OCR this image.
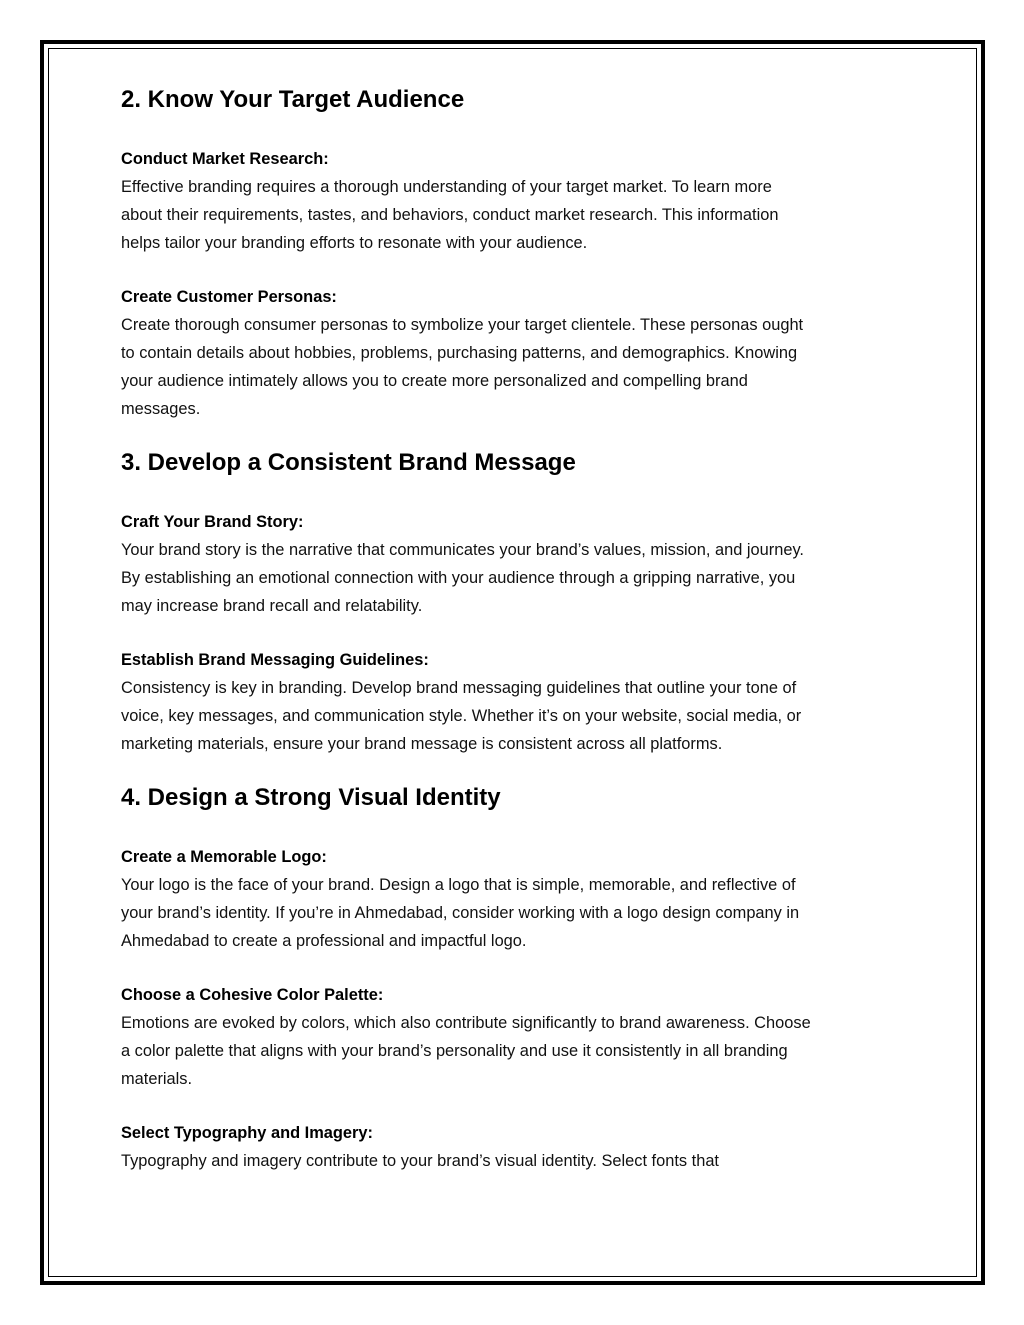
2. Know Your Target Audience
Conduct Market Research:

Effective branding requires a thorough understanding of your target market. To learn more

about their requirements, tastes, and behaviors, conduct market research. This information

helps tailor your branding efforts to resonate with your audience.

Create Customer Personas:

Create thorough consumer personas to symbolize your target clientele. These personas ought

to contain details about hobbies, problems, purchasing patterns, and demographics. Knowing

your audience intimately allows you to create more personalized and compelling brand

messages.

3. Develop a Consistent Brand Message
Craft Your Brand Story:

Your brand story is the narrative that communicates your brand’s values, mission, and journey.

By establishing an emotional connection with your audience through a gripping narrative, you

may increase brand recall and relatability.

Establish Brand Messaging Guidelines:

Consistency is key in branding. Develop brand messaging guidelines that outline your tone of

voice, key messages, and communication style. Whether it’s on your website, social media, or

marketing materials, ensure your brand message is consistent across all platforms.

4. Design a Strong Visual Identity
Create a Memorable Logo:

Your logo is the face of your brand. Design a logo that is simple, memorable, and reflective of

your brand’s identity. If you’re in Ahmedabad, consider working with a logo design company in

Ahmedabad to create a professional and impactful logo.

Choose a Cohesive Color Palette:

Emotions are evoked by colors, which also contribute significantly to brand awareness. Choose

a color palette that aligns with your brand’s personality and use it consistently in all branding

materials.

Select Typography and Imagery:

Typography and imagery contribute to your brand’s visual identity. Select fonts that
